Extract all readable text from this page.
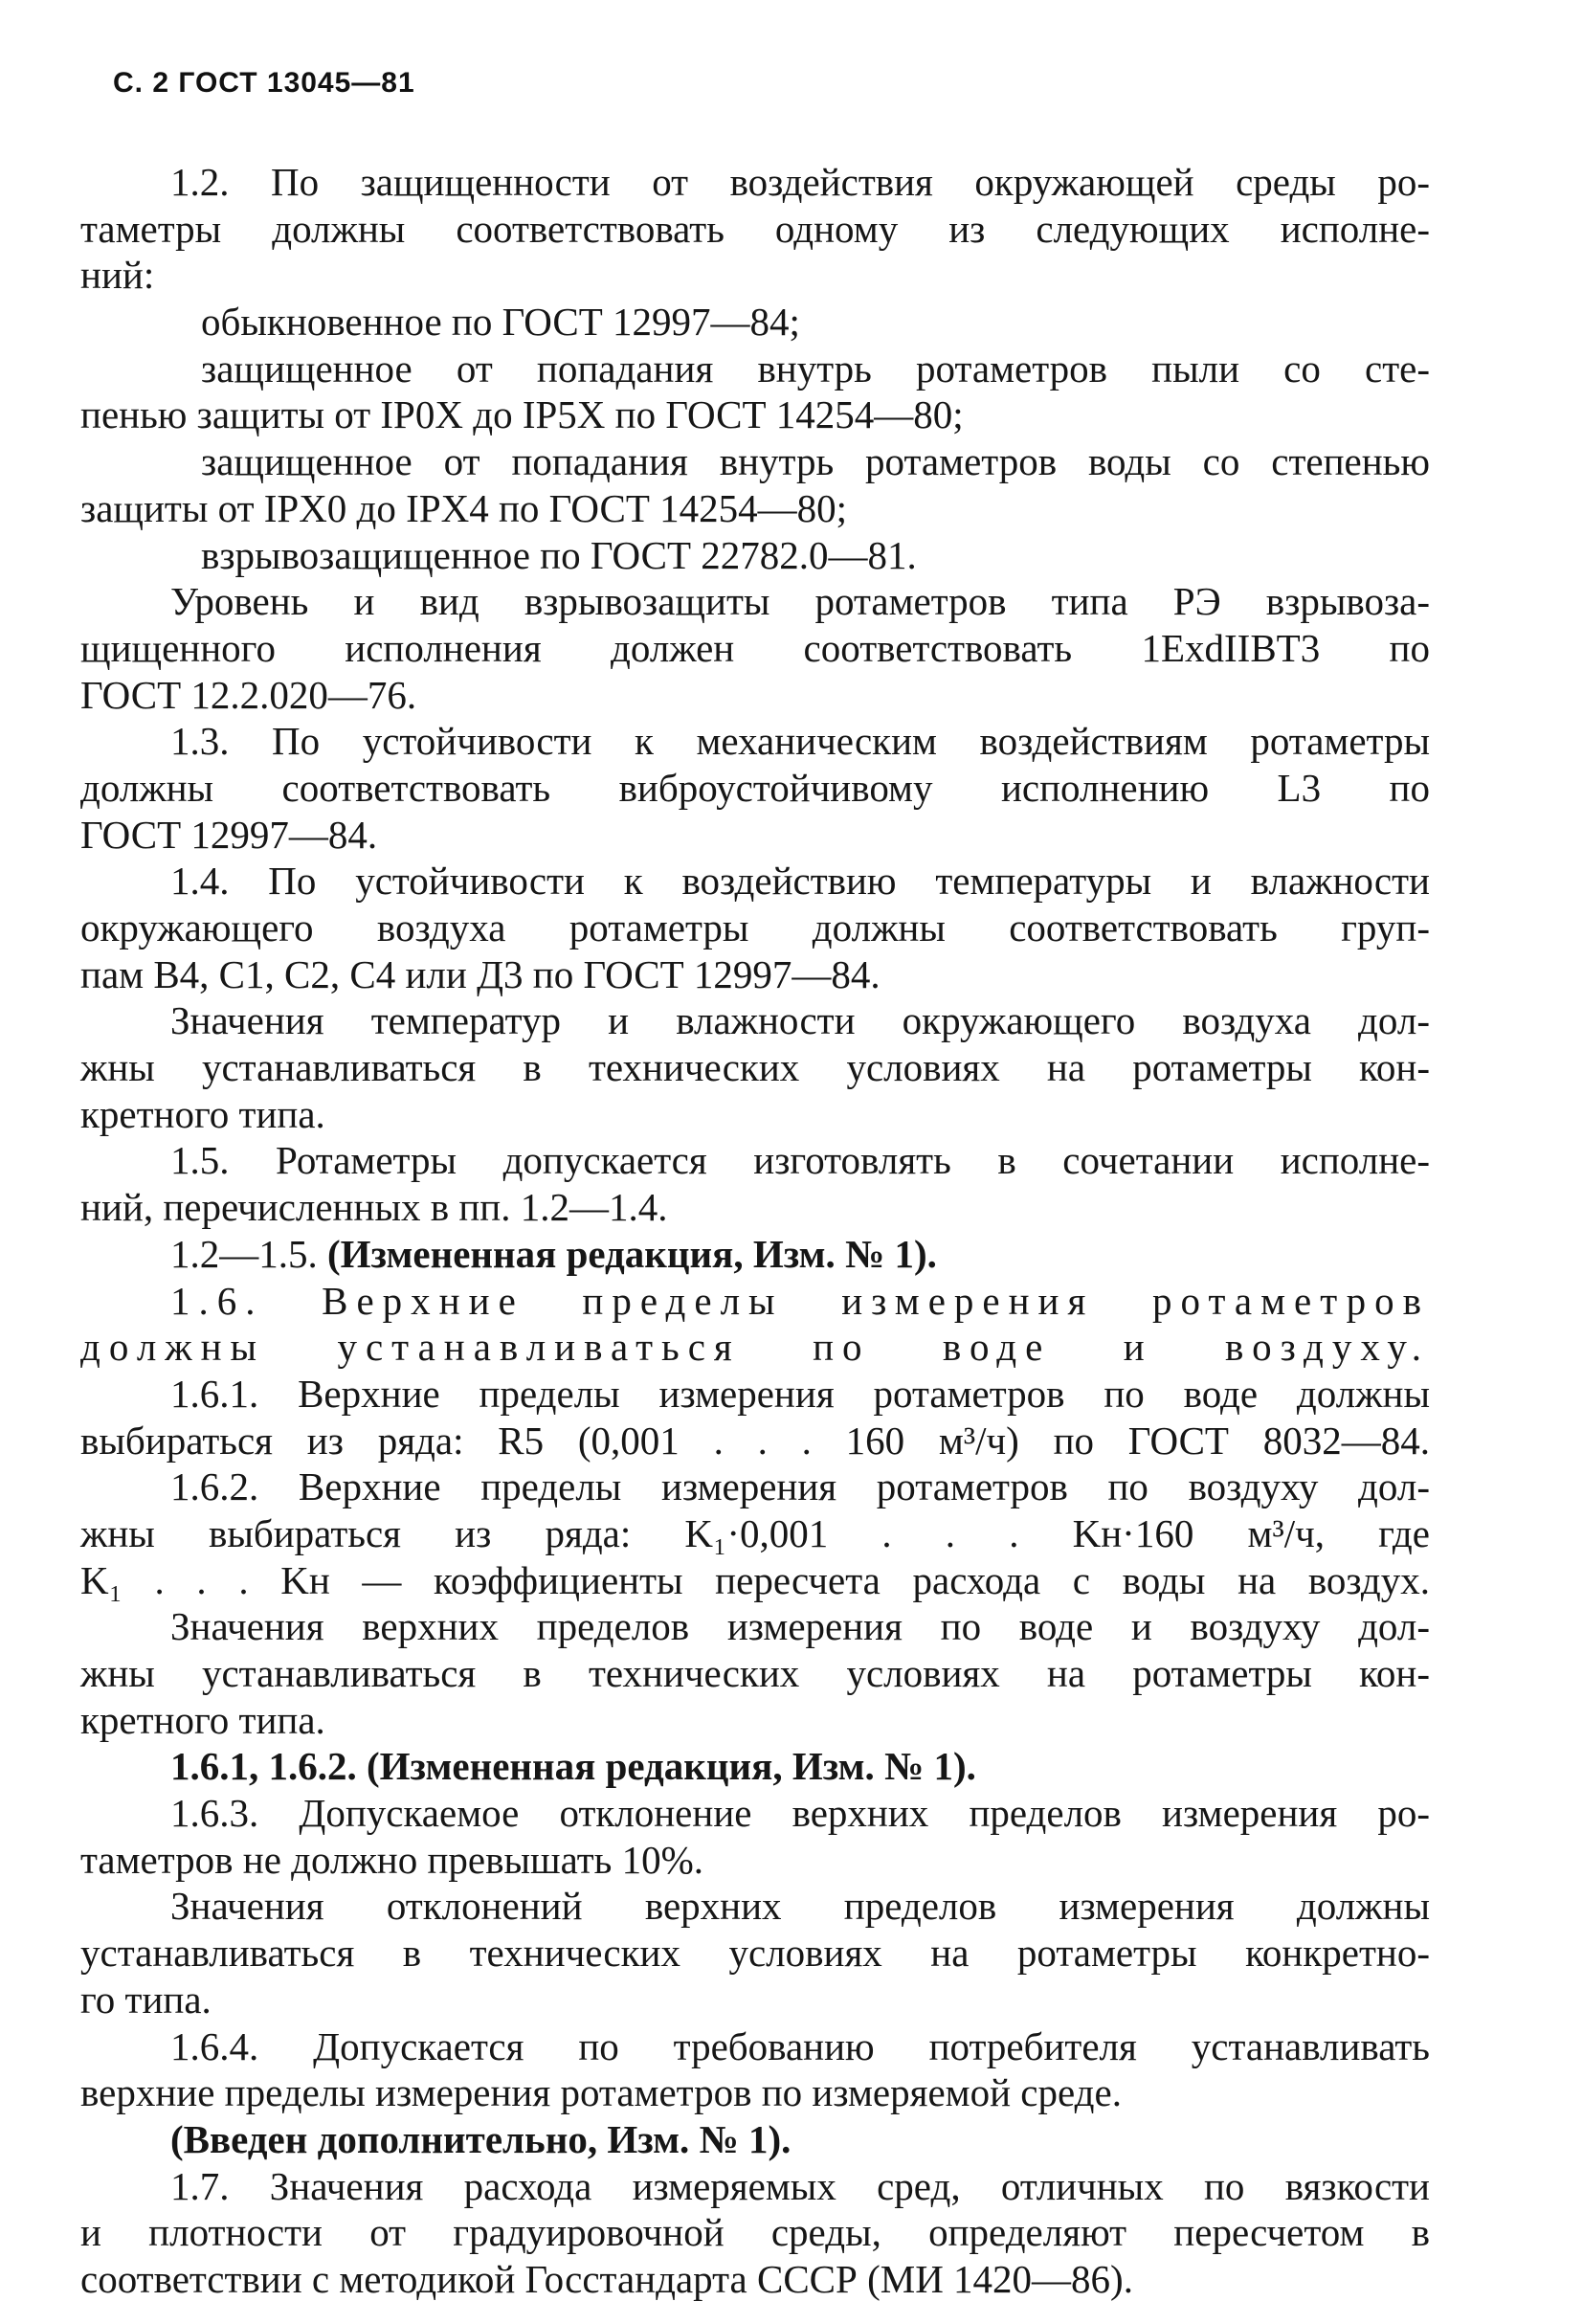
С. 2 ГОСТ 13045—81
1.2. По защищенности от воздействия окружающей среды ро-
таметры должны соответствовать одному из следующих исполне-
ний:
обыкновенное по ГОСТ 12997—84;
защищенное от попадания внутрь ротаметров пыли со сте-
пенью защиты от IP0X до IP5X по ГОСТ 14254—80;
защищенное от попадания внутрь ротаметров воды со степенью
защиты от IPX0 до IPX4 по ГОСТ 14254—80;
взрывозащищенное по ГОСТ 22782.0—81.
Уровень и вид взрывозащиты ротаметров типа РЭ взрывоза-
щищенного исполнения должен соответствовать 1ExdIIBT3 по
ГОСТ 12.2.020—76.
1.3. По устойчивости к механическим воздействиям ротаметры
должны соответствовать виброустойчивому исполнению L3 по
ГОСТ 12997—84.
1.4. По устойчивости к воздействию температуры и влажности
окружающего воздуха ротаметры должны соответствовать груп-
пам В4, С1, С2, С4 или Д3 по ГОСТ 12997—84.
Значения температур и влажности окружающего воздуха дол-
жны устанавливаться в технических условиях на ротаметры кон-
кретного типа.
1.5. Ротаметры допускается изготовлять в сочетании исполне-
ний, перечисленных в пп. 1.2—1.4.
1.2—1.5. (Измененная редакция, Изм. № 1).
1.6. Верхние пределы измерения ротаметров
должны устанавливаться по воде и воздуху.
1.6.1. Верхние пределы измерения ротаметров по воде должны
выбираться из ряда: R5 (0,001 . . . 160 м³/ч) по ГОСТ 8032—84.
1.6.2. Верхние пределы измерения ротаметров по воздуху дол-
жны выбираться из ряда: K₁·0,001 . . . Kн·160 м³/ч, где
K₁ . . . Kн — коэффициенты пересчета расхода с воды на воздух.
Значения верхних пределов измерения по воде и воздуху дол-
жны устанавливаться в технических условиях на ротаметры кон-
кретного типа.
1.6.1, 1.6.2. (Измененная редакция, Изм. № 1).
1.6.3. Допускаемое отклонение верхних пределов измерения ро-
таметров не должно превышать 10%.
Значения отклонений верхних пределов измерения должны
устанавливаться в технических условиях на ротаметры конкретно-
го типа.
1.6.4. Допускается по требованию потребителя устанавливать
верхние пределы измерения ротаметров по измеряемой среде.
(Введен дополнительно, Изм. № 1).
1.7. Значения расхода измеряемых сред, отличных по вязкости
и плотности от градуировочной среды, определяют пересчетом в
соответствии с методикой Госстандарта СССР (МИ 1420—86).
